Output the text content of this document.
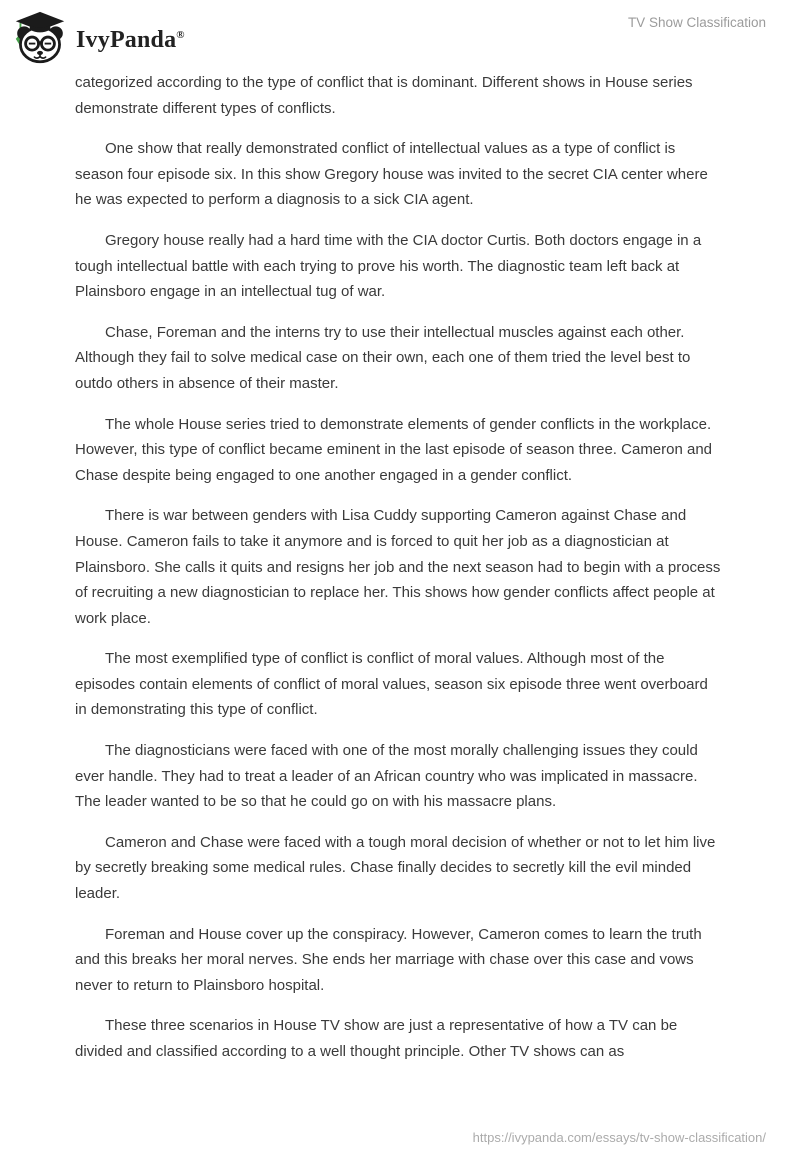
IvyPanda®
TV Show Classification

categorized according to the type of conflict that is dominant. Different shows in House series demonstrate different types of conflicts.

One show that really demonstrated conflict of intellectual values as a type of conflict is season four episode six. In this show Gregory house was invited to the secret CIA center where he was expected to perform a diagnosis to a sick CIA agent.

Gregory house really had a hard time with the CIA doctor Curtis. Both doctors engage in a tough intellectual battle with each trying to prove his worth. The diagnostic team left back at Plainsboro engage in an intellectual tug of war.

Chase, Foreman and the interns try to use their intellectual muscles against each other. Although they fail to solve medical case on their own, each one of them tried the level best to outdo others in absence of their master.

The whole House series tried to demonstrate elements of gender conflicts in the workplace. However, this type of conflict became eminent in the last episode of season three. Cameron and Chase despite being engaged to one another engaged in a gender conflict.

There is war between genders with Lisa Cuddy supporting Cameron against Chase and House. Cameron fails to take it anymore and is forced to quit her job as a diagnostician at Plainsboro. She calls it quits and resigns her job and the next season had to begin with a process of recruiting a new diagnostician to replace her. This shows how gender conflicts affect people at work place.

The most exemplified type of conflict is conflict of moral values. Although most of the episodes contain elements of conflict of moral values, season six episode three went overboard in demonstrating this type of conflict.

The diagnosticians were faced with one of the most morally challenging issues they could ever handle. They had to treat a leader of an African country who was implicated in massacre. The leader wanted to be so that he could go on with his massacre plans.

Cameron and Chase were faced with a tough moral decision of whether or not to let him live by secretly breaking some medical rules. Chase finally decides to secretly kill the evil minded leader.

Foreman and House cover up the conspiracy. However, Cameron comes to learn the truth and this breaks her moral nerves. She ends her marriage with chase over this case and vows never to return to Plainsboro hospital.

These three scenarios in House TV show are just a representative of how a TV can be divided and classified according to a well thought principle. Other TV shows can as

https://ivypanda.com/essays/tv-show-classification/
